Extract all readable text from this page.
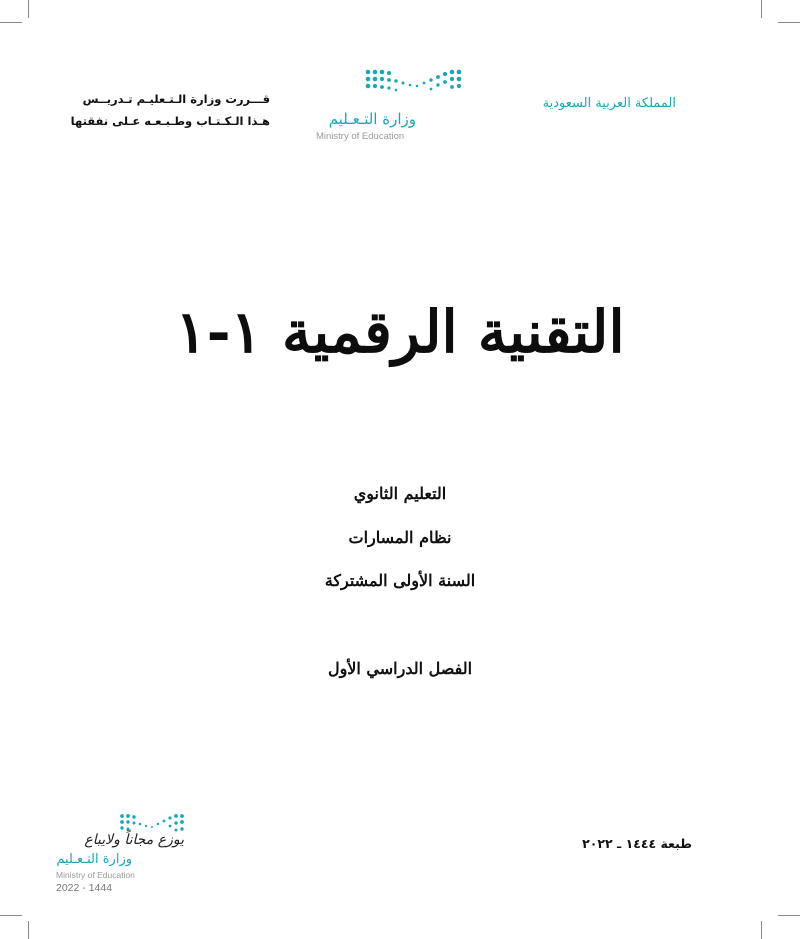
المملكة العربية السعودية
وزارة التـعـليم
Ministry of Education
قـــررت وزارة الـتـعليـم تـدريــس
هـذا الـكـتـاب وطـبـعـه عـلى نفقتها
التقنية الرقمية ١-١
التعليم الثانوي
نظام المسارات
السنة الأولى المشتركة
الفصل الدراسي الأول
طبعة ١٤٤٤ ـ ٢٠٢٢
يوزع مجاناً ولايباع
وزارة التـعـليم
Ministry of Education
2022 - 1444
